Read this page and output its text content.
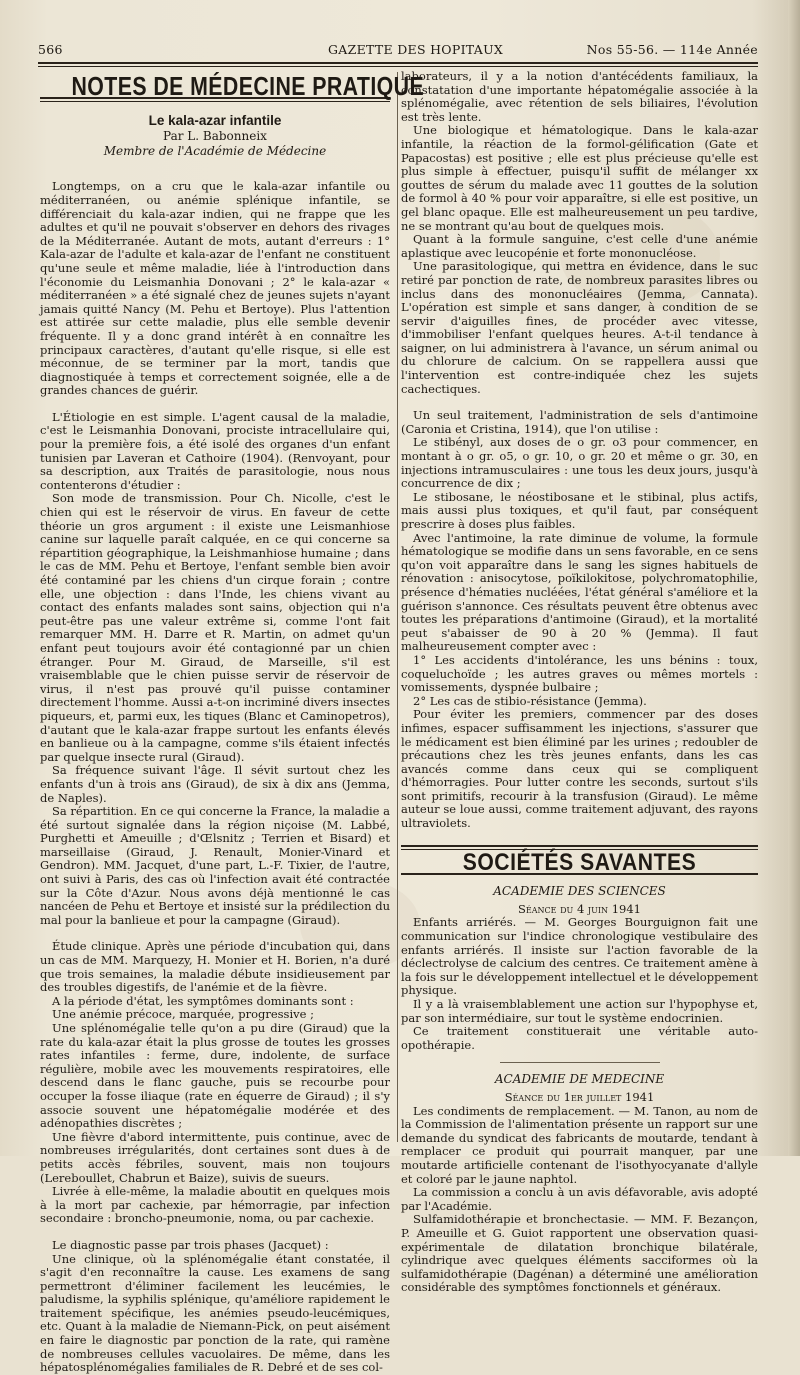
566	GAZETTE DES HOPITAUX	Nos 55-56. — 114e Année
NOTES DE MÉDECINE PRATIQUE
Le kala-azar infantile
Par L. Babonneix
Membre de l'Académie de Médecine

Longtemps, on a cru que le kala-azar infantile ou méditerranéen, ou anémie splénique infantile, se différenciait du kala-azar indien, qui ne frappe que les adultes et qu'il ne pouvait s'observer en dehors des rivages de la Méditerranée. Autant de mots, autant d'erreurs : 1° Kala-azar de l'adulte et kala-azar de l'enfant ne constituent qu'une seule et même maladie, liée à l'introduction dans l'économie du Leismanhia Donovani ; 2° le kala-azar « méditerranéen » a été signalé chez de jeunes sujets n'ayant jamais quitté Nancy (M. Pehu et Bertoye). Plus l'attention est attirée sur cette maladie, plus elle semble devenir fréquente. Il y a donc grand intérêt à en connaître les principaux caractères, d'autant qu'elle risque, si elle est méconnue, de se terminer par la mort, tandis que diagnostiquée à temps et correctement soignée, elle a de grandes chances de guérir.

L'Étiologie en est simple. L'agent causal de la maladie, c'est le Leismanhia Donovani, prociste intracellulaire qui, pour la première fois, a été isolé des organes d'un enfant tunisien par Laveran et Cathoire (1904). (Renvoyant, pour sa description, aux Traités de parasitologie, nous nous contenterons d'étudier :

Son mode de transmission. Pour Ch. Nicolle, c'est le chien qui est le réservoir de virus. En faveur de cette théorie un gros argument : il existe une Leismanhiose canine sur laquelle paraît calquée, en ce qui concerne sa répartition géographique, la Leishmanhiose humaine ; dans le cas de MM. Pehu et Bertoye, l'enfant semble bien avoir été contaminé par les chiens d'un cirque forain ; contre elle, une objection : dans l'Inde, les chiens vivant au contact des enfants malades sont sains, objection qui n'a peut-être pas une valeur extrême si, comme l'ont fait remarquer MM. H. Darre et R. Martin, on admet qu'un enfant peut toujours avoir été contagionné par un chien étranger. Pour M. Giraud, de Marseille, s'il est vraisemblable que le chien puisse servir de réservoir de virus, il n'est pas prouvé qu'il puisse contaminer directement l'homme. Aussi a-t-on incriminé divers insectes piqueurs, et, parmi eux, les tiques (Blanc et Caminopetros), d'autant que le kala-azar frappe surtout les enfants élevés en banlieue ou à la campagne, comme s'ils étaient infectés par quelque insecte rural (Giraud).

Sa fréquence suivant l'âge. Il sévit surtout chez les enfants d'un à trois ans (Giraud), de six à dix ans (Jemma, de Naples).

Sa répartition. En ce qui concerne la France, la maladie a été surtout signalée dans la région niçoise (M. Labbé, Purghetti et Ameuille ; d'Œlsnitz ; Terrien et Bisard) et marseillaise (Giraud, J. Renault, Monier-Vinard et Gendron). MM. Jacquet, d'une part, L.-F. Tixier, de l'autre, ont suivi à Paris, des cas où l'infection avait été contractée sur la Côte d'Azur. Nous avons déjà mentionné le cas nancéen de Pehu et Bertoye et insisté sur la prédilection du mal pour la banlieue et pour la campagne (Giraud).

Étude clinique. Après une période d'incubation qui, dans un cas de MM. Marquezy, H. Monier et H. Borien, n'a duré que trois semaines, la maladie débute insidieusement par des troubles digestifs, de l'anémie et de la fièvre.

A la période d'état, les symptômes dominants sont :

Une anémie précoce, marquée, progressive ;

Une splénomégalie telle qu'on a pu dire (Giraud) que la rate du kala-azar était la plus grosse de toutes les grosses rates infantiles : ferme, dure, indolente, de surface régulière, mobile avec les mouvements respiratoires, elle descend dans le flanc gauche, puis se recourbe pour occuper la fosse iliaque (rate en équerre de Giraud) ; il s'y associe souvent une hépatomégalie modérée et des adénopathies discrètes ;

Une fièvre d'abord intermittente, puis continue, avec de nombreuses irrégularités, dont certaines sont dues à de petits accès fébriles, souvent, mais non toujours (Lereboullet, Chabrun et Baize), suivis de sueurs.

Livrée à elle-même, la maladie aboutit en quelques mois à la mort par cachexie, par hémorragie, par infection secondaire : broncho-pneumonie, noma, ou par cachexie.

Le diagnostic passe par trois phases (Jacquet) :

Une clinique, où la splénomégalie étant constatée, il s'agit d'en reconnaître la cause. Les examens de sang permettront d'éliminer facilement les leucémies, le paludisme, la syphilis splénique, qu'améliore rapidement le traitement spécifique, les anémies pseudo-leucémiques, etc. Quant à la maladie de Niemann-Pick, on peut aisément en faire le diagnostic par ponction de la rate, qui ramène de nombreuses cellules vacuolaires. De même, dans les hépatosplénomégalies familiales de R. Debré et de ses col-

laborateurs, il y a la notion d'antécédents familiaux, la constatation d'une importante hépatomégalie associée à la splénomégalie, avec rétention de sels biliaires, l'évolution est très lente.

Une biologique et hématologique. Dans le kala-azar infantile, la réaction de la formol-gélification (Gate et Papacostas) est positive ; elle est plus précieuse qu'elle est plus simple à effectuer, puisqu'il suffit de mélanger xx gouttes de sérum du malade avec 11 gouttes de la solution de formol à 40 % pour voir apparaître, si elle est positive, un gel blanc opaque. Elle est malheureusement un peu tardive, ne se montrant qu'au bout de quelques mois.

Quant à la formule sanguine, c'est celle d'une anémie aplastique avec leucopénie et forte mononucléose.

Une parasitologique, qui mettra en évidence, dans le suc retiré par ponction de rate, de nombreux parasites libres ou inclus dans des mononucléaires (Jemma, Cannata). L'opération est simple et sans danger, à condition de se servir d'aiguilles fines, de procéder avec vitesse, d'immobiliser l'enfant quelques heures. A-t-il tendance à saigner, on lui administrera à l'avance, un sérum animal ou du chlorure de calcium. On se rappellera aussi que l'intervention est contre-indiquée chez les sujets cachectiques.

Un seul traitement, l'administration de sels d'antimoine (Caronia et Cristina, 1914), que l'on utilise :

Le stibényl, aux doses de o gr. o3 pour commencer, en montant à o gr. o5, o gr. 10, o gr. 20 et même o gr. 30, en injections intramusculaires : une tous les deux jours, jusqu'à concurrence de dix ;

Le stibosane, le néostibosane et le stibinal, plus actifs, mais aussi plus toxiques, et qu'il faut, par conséquent prescrire à doses plus faibles.

Avec l'antimoine, la rate diminue de volume, la formule hématologique se modifie dans un sens favorable, en ce sens qu'on voit apparaître dans le sang les signes habituels de rénovation : anisocytose, poïkilokitose, polychromatophilie, présence d'hématies nucléées, l'état général s'améliore et la guérison s'annonce. Ces résultats peuvent être obtenus avec toutes les préparations d'antimoine (Giraud), et la mortalité peut s'abaisser de 90 à 20 % (Jemma). Il faut malheureusement compter avec :

1° Les accidents d'intolérance, les uns bénins : toux, coqueluchoïde ; les autres graves ou mêmes mortels : vomissements, dyspnée bulbaire ;

2° Les cas de stibio-résistance (Jemma).

Pour éviter les premiers, commencer par des doses infimes, espacer suffisamment les injections, s'assurer que le médicament est bien éliminé par les urines ; redoubler de précautions chez les très jeunes enfants, dans les cas avancés comme dans ceux qui se compliquent d'hémorragies. Pour lutter contre les seconds, surtout s'ils sont primitifs, recourir à la transfusion (Giraud). Le même auteur se loue aussi, comme traitement adjuvant, des rayons ultraviolets.

SOCIÉTÉS SAVANTES
ACADEMIE DES SCIENCES
Séance du 4 juin 1941

Enfants arriérés. — M. Georges Bourguignon fait une communication sur l'indice chronologique vestibulaire des enfants arriérés. Il insiste sur l'action favorable de la déclectrolyse de calcium des centres. Ce traitement amène à la fois sur le développement intellectuel et le développement physique.

Il y a là vraisemblablement une action sur l'hypophyse et, par son intermédiaire, sur tout le système endocrinien.

Ce traitement constituerait une véritable auto-opothérapie.

ACADEMIE DE MEDECINE
Séance du 1er juillet 1941

Les condiments de remplacement. — M. Tanon, au nom de la Commission de l'alimentation présente un rapport sur une demande du syndicat des fabricants de moutarde, tendant à remplacer ce produit qui pourrait manquer, par une moutarde artificielle contenant de l'isothyocyanate d'allyle et coloré par le jaune naphtol.

La commission a conclu à un avis défavorable, avis adopté par l'Académie.

Sulfamidothérapie et bronchectasie. — MM. F. Bezançon, P. Ameuille et G. Guiot rapportent une observation quasi-expérimentale de dilatation bronchique bilatérale, cylindrique avec quelques éléments sacciformes où la sulfamidothérapie (Dagénan) a déterminé une amélioration considérable des symptômes fonctionnels et généraux.
